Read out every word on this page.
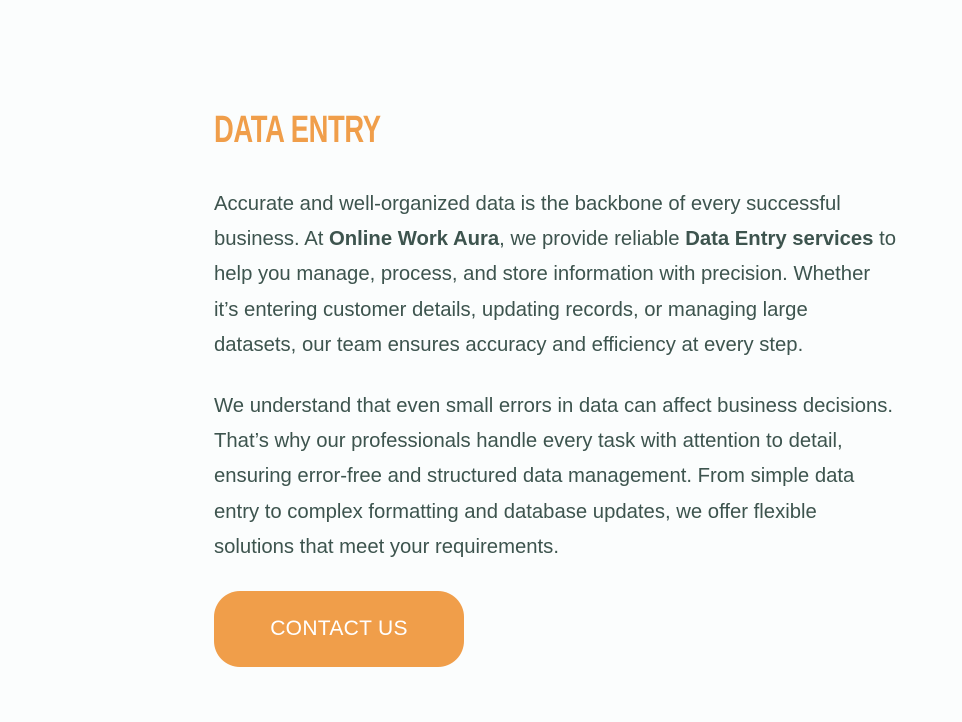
DATA ENTRY

Accurate and well-organized data is the backbone of every successful
business. At Online Work Aura, we provide reliable Data Entry services to
help you manage, process, and store information with precision. Whether
it’s entering customer details, updating records, or managing large
datasets, our team ensures accuracy and efficiency at every step.

We understand that even small errors in data can affect business decisions.
That’s why our professionals handle every task with attention to detail,
ensuring error-free and structured data management. From simple data
entry to complex formatting and database updates, we offer flexible
solutions that meet your requirements.

CONTACT US
